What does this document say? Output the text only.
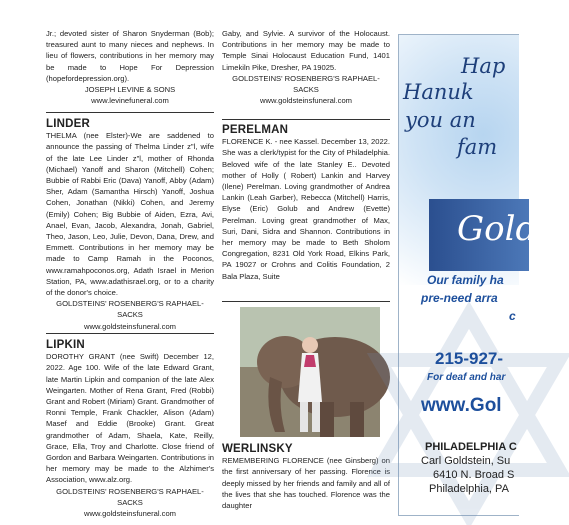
Jr.; devoted sister of Sharon Snyderman (Bob); treasured aunt to many nieces and nephews. In lieu of flowers, contributions in her memory may be made to Hope For Depression (hopefordepression.org).

JOSEPH LEVINE & SONS

www.levinefuneral.com

LINDER

THELMA (nee Elster)-We are saddened to announce the passing of Thelma Linder z"l, wife of the late Lee Linder z"l, mother of Rhonda (Michael) Yanoff and Sharon (Mitchell) Cohen; Bubbie of Rabbi Eric (Dava) Yanoff, Abby (Adam) Sher, Adam (Samantha Hirsch) Yanoff, Joshua Cohen, Jonathan (Nikki) Cohen, and Jeremy (Emily) Cohen; Big Bubbie of Aiden, Ezra, Avi, Anael, Evan, Jacob, Alexandra, Jonah, Gabriel, Theo, Jason, Leo, Julie, Devon, Dana, Drew, and Emmett. Contributions in her memory may be made to Camp Ramah in the Poconos, www.ramahpoconos.org, Adath Israel in Merion Station, PA, www.adathisrael.org, or to a charity of the donor's choice.

GOLDSTEINS' ROSENBERG'S RAPHAEL-SACKS

www.goldsteinsfuneral.com

LIPKIN

DOROTHY GRANT (nee Swift) December 12, 2022. Age 100. Wife of the late Edward Grant, late Martin Lipkin and companion of the late Alex Weingarten. Mother of Rena Grant, Fred (Robbi) Grant and Robert (Miriam) Grant. Grandmother of Ronni Temple, Frank Chackler, Alison (Adam) Masef and Eddie (Brooke) Grant. Great grandmother of Adam, Shaela, Kate, Reilly, Grace, Ella, Troy and Charlotte. Close friend of Gordon and Barbara Weingarten. Contributions in her memory may be made to the Alzhimer's Association, www.alz.org.

GOLDSTEINS' ROSENBERG'S RAPHAEL-SACKS

www.goldsteinsfuneral.com

Gaby, and Sylvie. A survivor of the Holocaust. Contributions in her memory may be made to Temple Sinai Holocaust Education Fund, 1401 Limekiln Pike, Dresher, PA 19025.

GOLDSTEINS' ROSENBERG'S RAPHAEL-SACKS

www.goldsteinsfuneral.com

PERELMAN

FLORENCE K. - nee Kassel. December 13, 2022. She was a clerk/typist for the City of Philadelphia. Beloved wife of the late Stanley E.. Devoted mother of Holly ( Robert) Lankin and Harvey (Ilene) Perelman. Loving grandmother of Andrea Lankin (Leah Garber), Rebecca (Mitchell) Harris, Elyse (Eric) Golub and Andrew (Evette) Perelman. Loving great grandmother of Max, Suri, Dani, Sidra and Shannon. Contributions in her memory may be made to Beth Sholom Congregation, 8231 Old York Road, Elkins Park, PA 19027 or Crohns and Colitis Foundation, 2 Bala Plaza, Suite

WERLINSKY

REMEMBERING FLORENCE (nee Ginsberg) on the first anniversary of her passing. Florence is deeply missed by her friends and family and all of the lives that she has touched. Florence was the daughter

Hap
Hanuk
you an
fam
Golds
Our family ha
pre-need arra
c
215-927-
For deaf and har
www.Gol
PHILADELPHIA C
Carl Goldstein, Su
6410 N. Broad S
Philadelphia, PA
